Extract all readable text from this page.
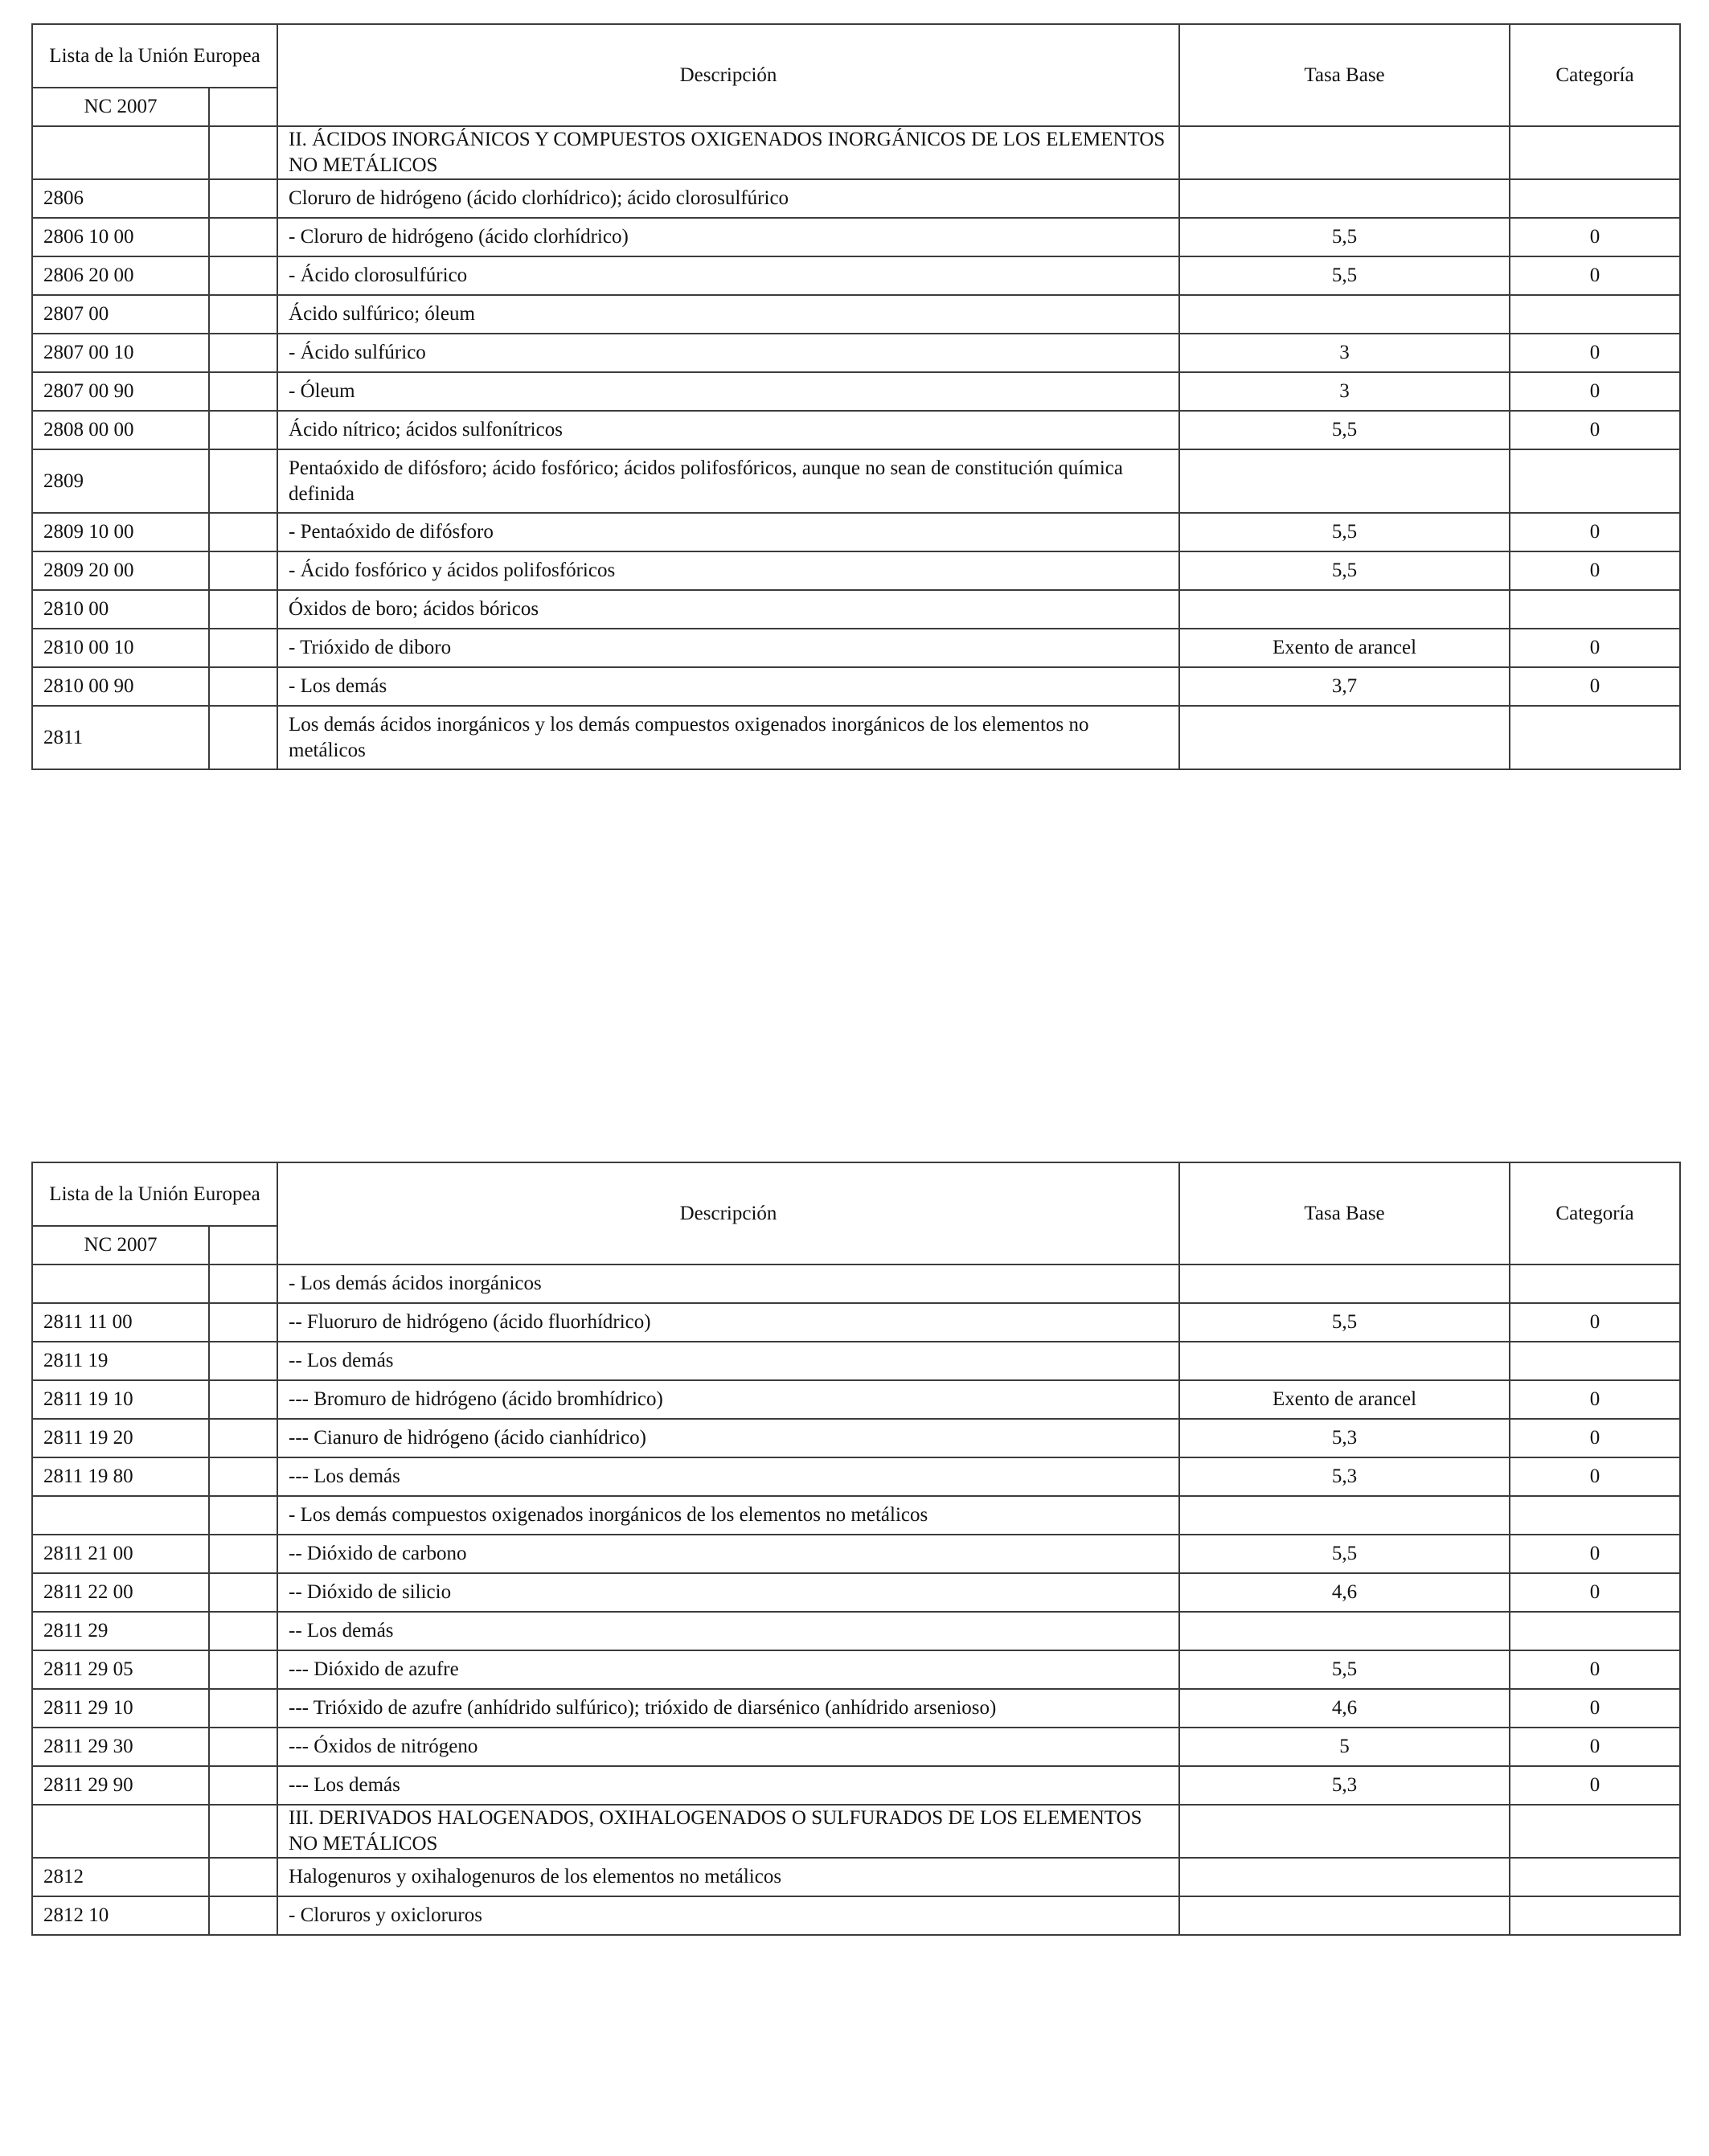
Lista de la Unión Europea		Descripción	Tasa Base	Categoría
NC 2007				
		II. ÁCIDOS INORGÁNICOS Y COMPUESTOS OXIGENADOS INORGÁNICOS DE LOS ELEMENTOS NO METÁLICOS		
2806		Cloruro de hidrógeno (ácido clorhídrico); ácido clorosulfúrico		
2806 10 00		- Cloruro de hidrógeno (ácido clorhídrico)	5,5	0
2806 20 00		- Ácido clorosulfúrico	5,5	0
2807 00		Ácido sulfúrico; óleum		
2807 00 10		- Ácido sulfúrico	3	0
2807 00 90		- Óleum	3	0
2808 00 00		Ácido nítrico; ácidos sulfonítricos	5,5	0
2809		Pentaóxido de difósforo; ácido fosfórico; ácidos polifosfóricos, aunque no sean de constitución química definida		
2809 10 00		- Pentaóxido de difósforo	5,5	0
2809 20 00		- Ácido fosfórico y ácidos polifosfóricos	5,5	0
2810 00		Óxidos de boro; ácidos bóricos		
2810 00 10		- Trióxido de diboro	Exento de arancel	0
2810 00 90		- Los demás	3,7	0
2811		Los demás ácidos inorgánicos y los demás compuestos oxigenados inorgánicos de los elementos no metálicos		
Lista de la Unión Europea		Descripción	Tasa Base	Categoría
NC 2007				
		- Los demás ácidos inorgánicos		
2811 11 00		-- Fluoruro de hidrógeno (ácido fluorhídrico)	5,5	0
2811 19		-- Los demás		
2811 19 10		--- Bromuro de hidrógeno (ácido bromhídrico)	Exento de arancel	0
2811 19 20		--- Cianuro de hidrógeno (ácido cianhídrico)	5,3	0
2811 19 80		--- Los demás	5,3	0
		- Los demás compuestos oxigenados inorgánicos de los elementos no metálicos		
2811 21 00		-- Dióxido de carbono	5,5	0
2811 22 00		-- Dióxido de silicio	4,6	0
2811 29		-- Los demás		
2811 29 05		--- Dióxido de azufre	5,5	0
2811 29 10		--- Trióxido de azufre (anhídrido sulfúrico); trióxido de diarsénico (anhídrido arsenioso)	4,6	0
2811 29 30		--- Óxidos de nitrógeno	5	0
2811 29 90		--- Los demás	5,3	0
		III. DERIVADOS HALOGENADOS, OXIHALOGENADOS O SULFURADOS DE LOS ELEMENTOS NO METÁLICOS		
2812		Halogenuros y oxihalogenuros de los elementos no metálicos		
2812 10		- Cloruros y oxicloruros		
